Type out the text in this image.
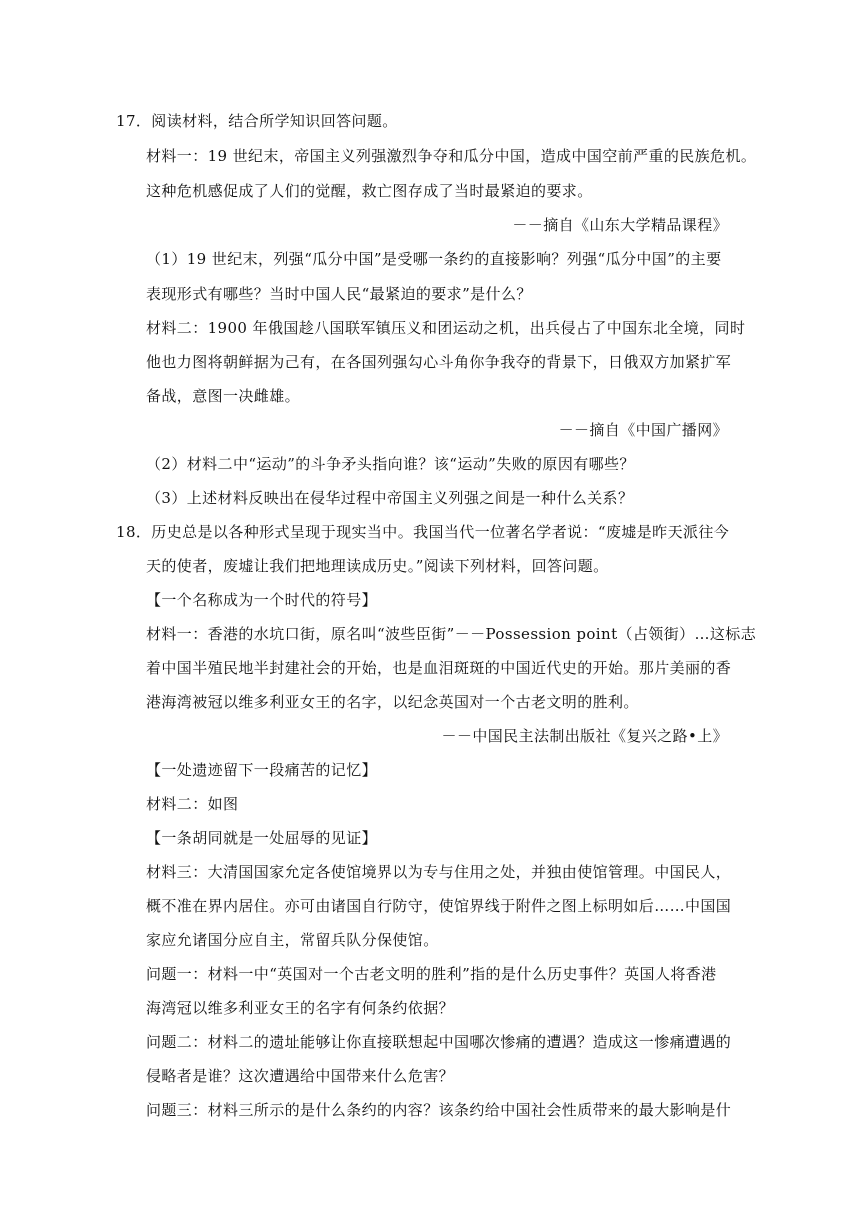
17．阅读材料，结合所学知识回答问题。
材料一：19 世纪末，帝国主义列强激烈争夺和瓜分中国，造成中国空前严重的民族危机。
这种危机感促成了人们的觉醒，救亡图存成了当时最紧迫的要求。
－－摘自《山东大学精品课程》
（1）19 世纪末，列强“瓜分中国”是受哪一条约的直接影响？列强“瓜分中国”的主要
表现形式有哪些？当时中国人民“最紧迫的要求”是什么？
材料二：1900 年俄国趁八国联军镇压义和团运动之机，出兵侵占了中国东北全境，同时
他也力图将朝鲜据为己有，在各国列强勾心斗角你争我夺的背景下，日俄双方加紧扩军
备战，意图一决雌雄。
－－摘自《中国广播网》
（2）材料二中“运动”的斗争矛头指向谁？该“运动”失败的原因有哪些？
（3）上述材料反映出在侵华过程中帝国主义列强之间是一种什么关系？
18．历史总是以各种形式呈现于现实当中。我国当代一位著名学者说：“废墟是昨天派往今
天的使者，废墟让我们把地理读成历史。”阅读下列材料，回答问题。
【一个名称成为一个时代的符号】
材料一：香港的水坑口街，原名叫“波些臣街”－－Possession point（占领街）…这标志
着中国半殖民地半封建社会的开始，也是血泪斑斑的中国近代史的开始。那片美丽的香
港海湾被冠以维多利亚女王的名字，以纪念英国对一个古老文明的胜利。
－－中国民主法制出版社《复兴之路•上》
【一处遗迹留下一段痛苦的记忆】
材料二：如图
【一条胡同就是一处屈辱的见证】
材料三：大清国国家允定各使馆境界以为专与住用之处，并独由使馆管理。中国民人，
概不准在界内居住。亦可由诸国自行防守，使馆界线于附件之图上标明如后……中国国
家应允诸国分应自主，常留兵队分保使馆。
问题一：材料一中“英国对一个古老文明的胜利”指的是什么历史事件？英国人将香港
海湾冠以维多利亚女王的名字有何条约依据？
问题二：材料二的遗址能够让你直接联想起中国哪次惨痛的遭遇？造成这一惨痛遭遇的
侵略者是谁？这次遭遇给中国带来什么危害？
问题三：材料三所示的是什么条约的内容？该条约给中国社会性质带来的最大影响是什
